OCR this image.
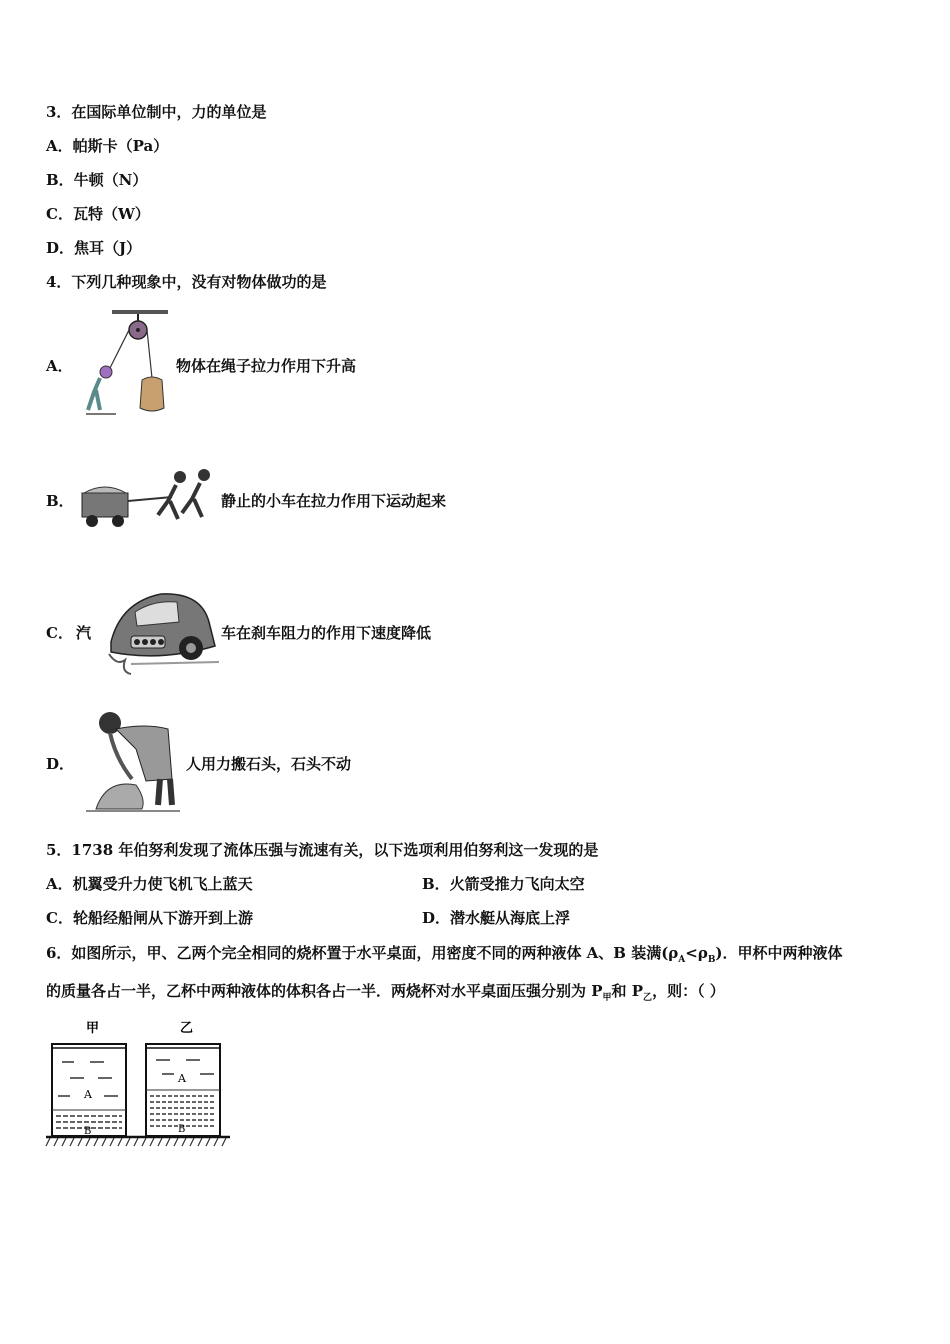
3．在国际单位制中，力的单位是
A．帕斯卡（Pa）
B．牛顿（N）
C．瓦特（W）
D．焦耳（J）
4．下列几种现象中，没有对物体做功的是
A．	物体在绳子拉力作用下升高
B．	静止的小车在拉力作用下运动起来
C． 汽	车在刹车阻力的作用下速度降低
D．	人用力搬石头，石头不动
5．1738 年伯努利发现了流体压强与流速有关，以下选项利用伯努利这一发现的是
A．机翼受升力使飞机飞上蓝天	B．火箭受推力飞向太空
C．轮船经船闸从下游开到上游	D．潜水艇从海底上浮
6．如图所示，甲、乙两个完全相同的烧杯置于水平桌面，用密度不同的两种液体 A、B 装满$(\rho_A<\rho_B)$．甲杯中两种液体
的质量各占一半，乙杯中两种液体的体积各占一半．两烧杯对水平桌面压强分别为 $P_甲$和 $P_乙$，则：（ ）
甲	乙
A
B
A
B
